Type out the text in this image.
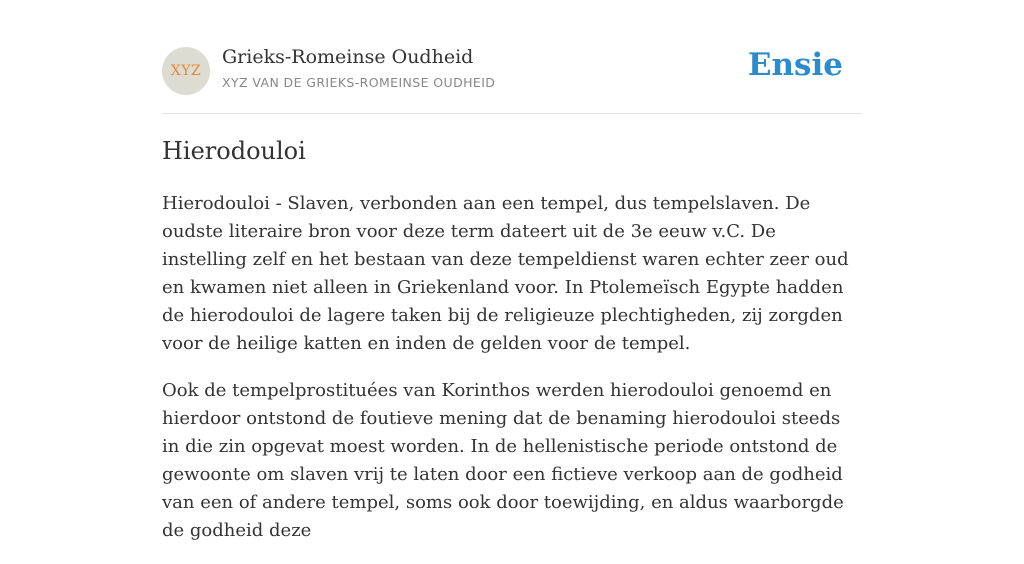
XYZ
Grieks-Romeinse Oudheid
XYZ VAN DE GRIEKS-ROMEINSE OUDHEID	Ensie
Hierodouloi

Hierodouloi - Slaven, verbonden aan een tempel, dus tempelslaven. De oudste literaire bron voor deze term dateert uit de 3e eeuw v.C. De instelling zelf en het bestaan van deze tempeldienst waren echter zeer oud en kwamen niet alleen in Griekenland voor. In Ptolemeïsch Egypte hadden de hierodouloi de lagere taken bij de religieuze plechtigheden, zij zorgden voor de heilige katten en inden de gelden voor de tempel.

Ook de tempelprostituées van Korinthos werden hierodouloi genoemd en hierdoor ontstond de foutieve mening dat de benaming hierodouloi steeds in die zin opgevat moest worden. In de hellenistische periode ontstond de gewoonte om slaven vrij te laten door een fictieve verkoop aan de godheid van een of andere tempel, soms ook door toewijding, en aldus waarborgde de godheid deze
